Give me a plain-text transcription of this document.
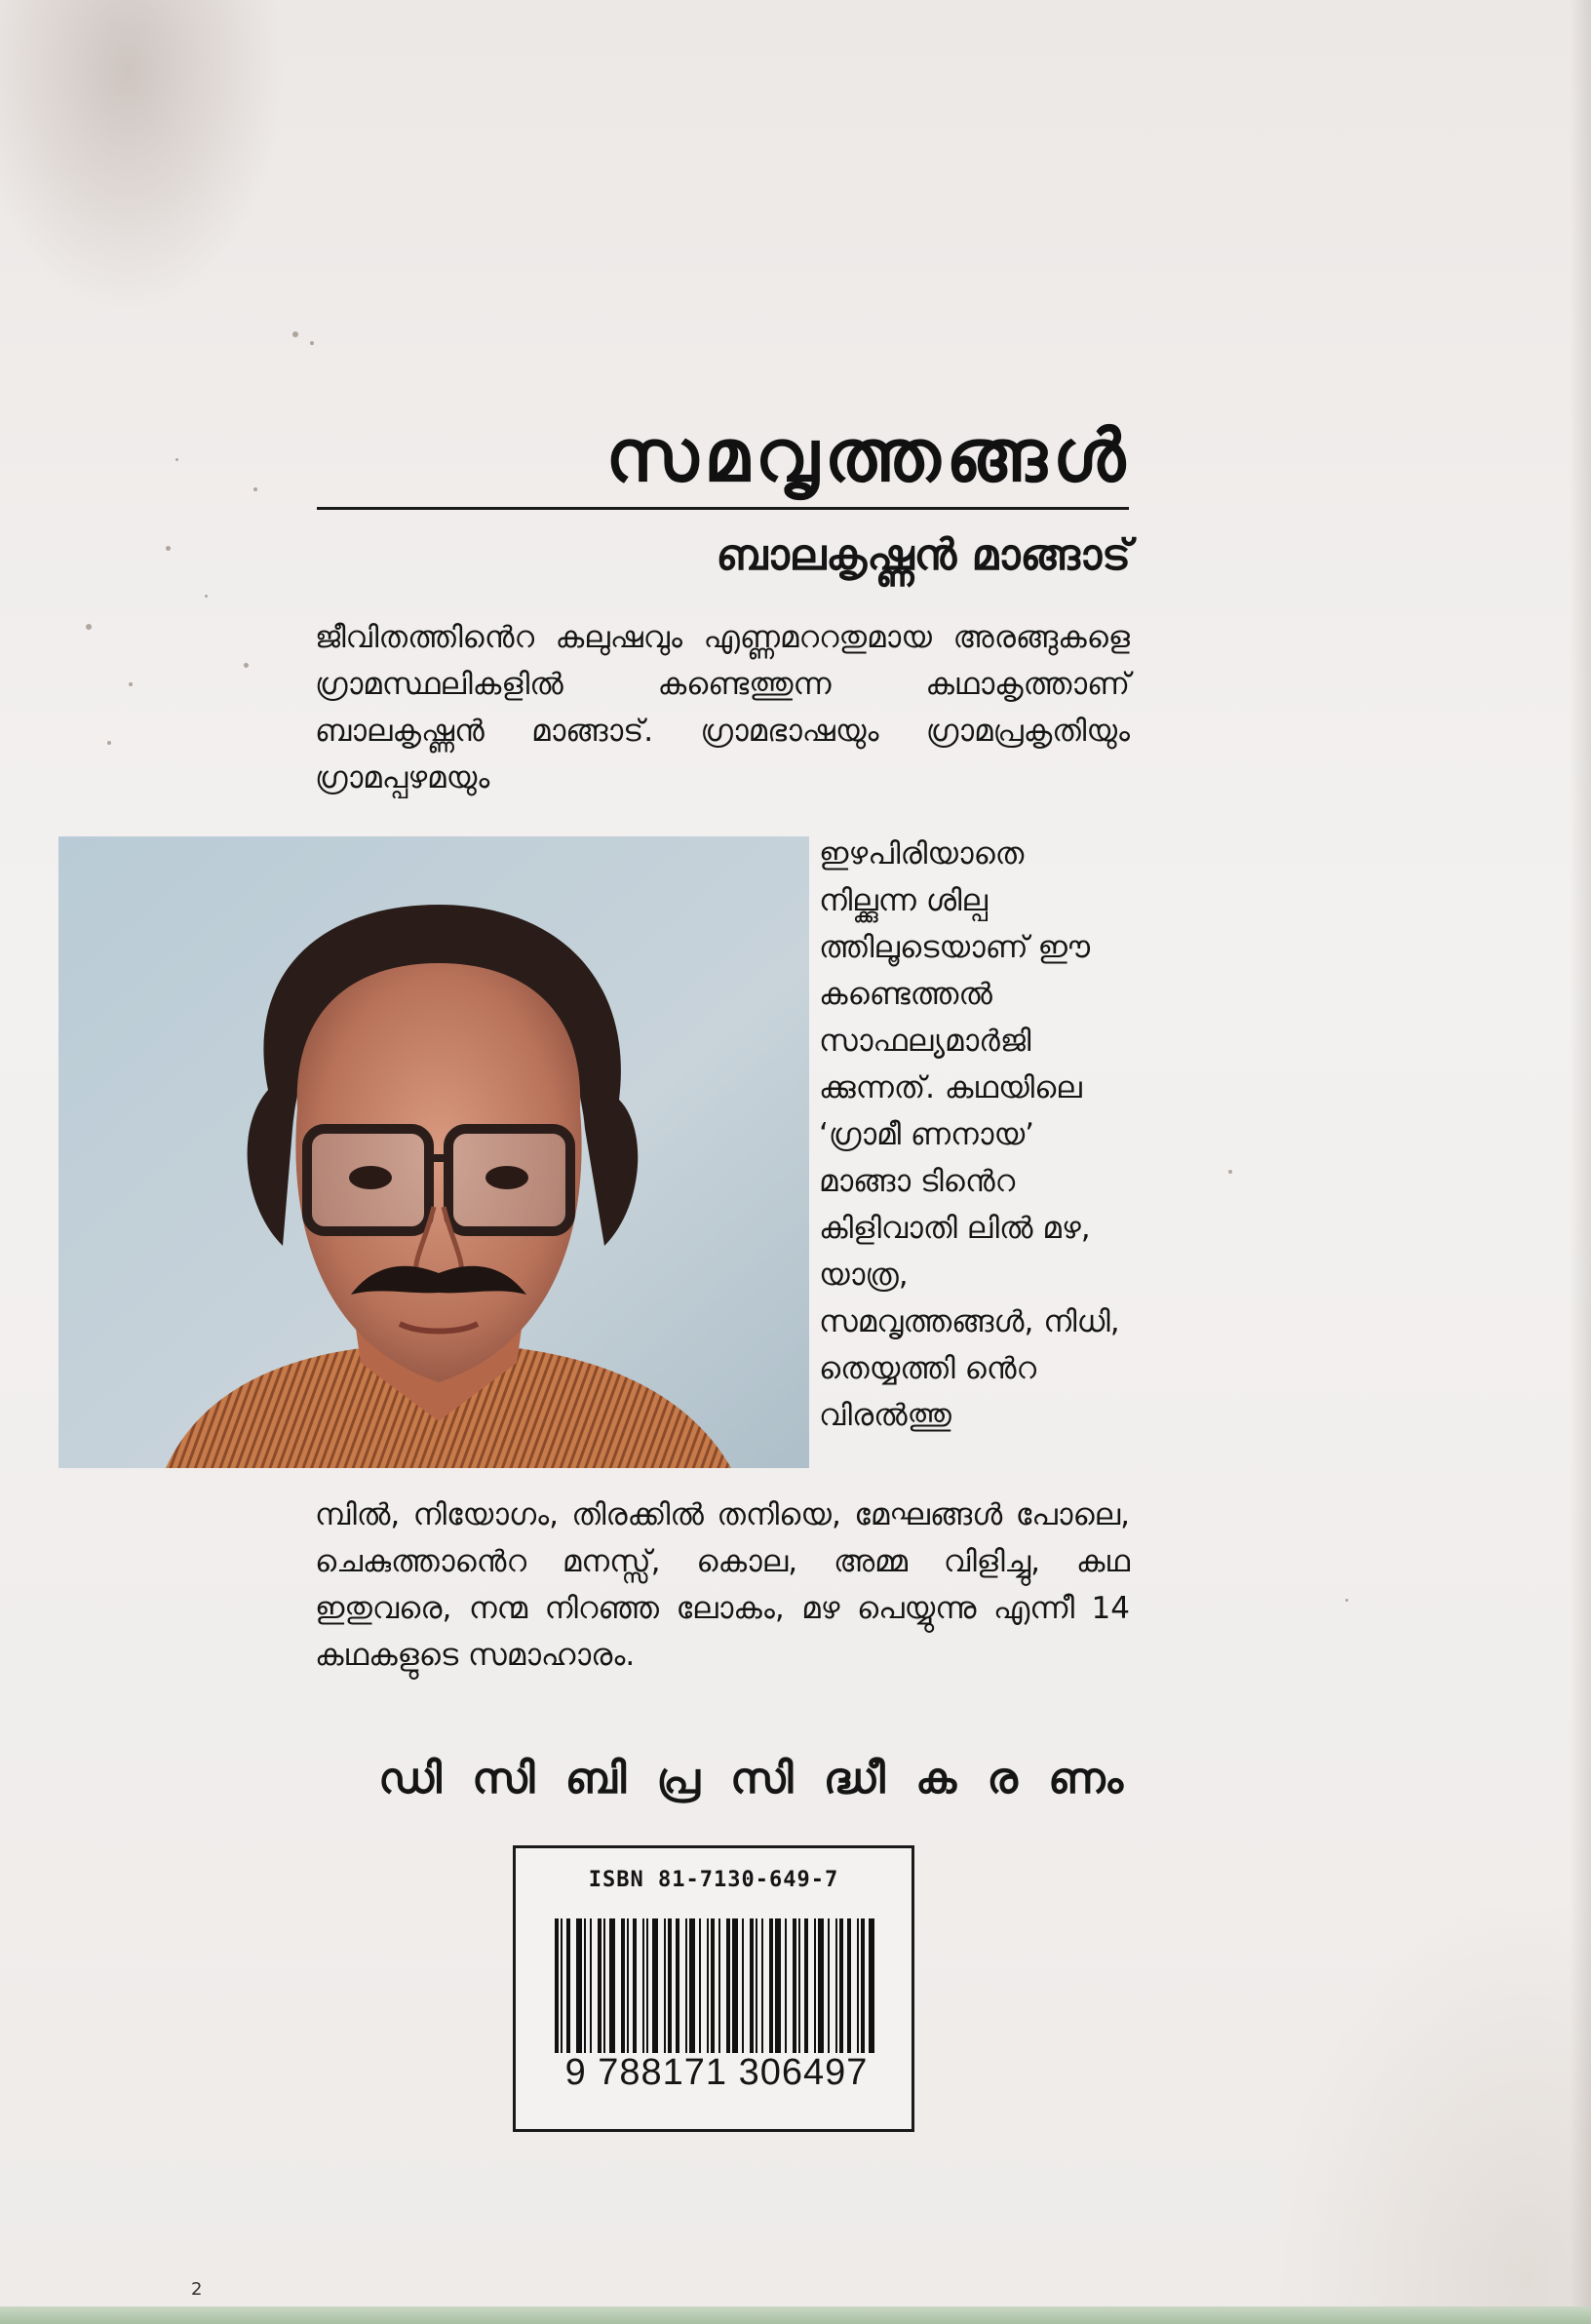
സമവൃത്തങ്ങൾ
ബാലകൃഷ്ണൻ മാങ്ങാട്

ജീവിതത്തിൻെറ കലുഷവും എണ്ണമററതുമായ അരങ്ങുകളെ ഗ്രാമസ്ഥലികളിൽ കണ്ടെത്തുന്ന കഥാകൃത്താണ് ബാലകൃഷ്ണൻ മാങ്ങാട്. ഗ്രാമഭാഷയും ഗ്രാമപ്രകൃതിയും ഗ്രാമപ്പഴമയും

ഇഴപിരിയാതെ നില്ക്കുന്ന ശില്പ ത്തിലൂടെയാണ് ഈ കണ്ടെത്തൽ സാഫല്യമാർജി ക്കുന്നത്. കഥയിലെ ‘ഗ്രാമീ ണനായ’ മാങ്ങാ ടിൻെറ കിളിവാതി ലിൽ മഴ, യാത്ര, സമവൃത്തങ്ങൾ, നിധി, തെയ്യത്തി ൻെറ വിരൽത്തു

മ്പിൽ, നിയോഗം, തിരക്കിൽ തനിയെ, മേഘങ്ങൾ പോലെ, ചെകുത്താൻെറ മനസ്സ്, കൊല, അമ്മ വിളിച്ചു, കഥ ഇതുവരെ, നന്മ നിറഞ്ഞ ലോകം, മഴ പെയ്യുന്നു എന്നീ 14 കഥകളുടെ സമാഹാരം.

ഡി സി ബി പ്ര സി ദ്ധീ ക ര ണം
ISBN 81-7130-649-7
9 788171 306497
2
